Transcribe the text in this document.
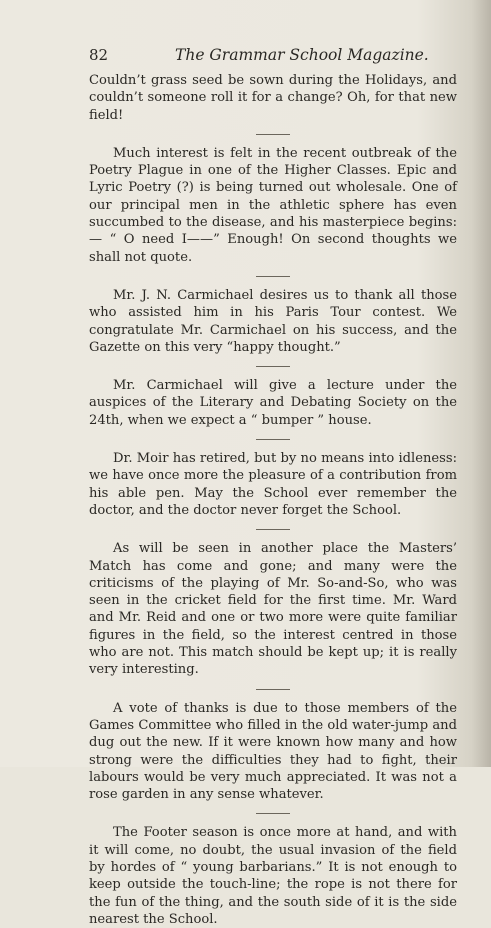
82	The Grammar School Magazine.

Couldn’t grass seed be sown during the Holidays, and couldn’t someone roll it for a change? Oh, for that new field!

Much interest is felt in the recent outbreak of the Poetry Plague in one of the Higher Classes. Epic and Lyric Poetry (?) is being turned out wholesale. One of our principal men in the athletic sphere has even succumbed to the disease, and his masterpiece begins:— “ O need I——” Enough! On second thoughts we shall not quote.

Mr. J. N. Carmichael desires us to thank all those who assisted him in his Paris Tour contest. We congratulate Mr. Carmichael on his success, and the Gazette on this very “happy thought.”

Mr. Carmichael will give a lecture under the auspices of the Literary and Debating Society on the 24th, when we expect a “ bumper ” house.

Dr. Moir has retired, but by no means into idleness: we have once more the pleasure of a contribution from his able pen. May the School ever remember the doctor, and the doctor never forget the School.

As will be seen in another place the Masters’ Match has come and gone; and many were the criticisms of the playing of Mr. So-and-So, who was seen in the cricket field for the first time. Mr. Ward and Mr. Reid and one or two more were quite familiar figures in the field, so the interest centred in those who are not. This match should be kept up; it is really very interesting.

A vote of thanks is due to those members of the Games Committee who filled in the old water-jump and dug out the new. If it were known how many and how strong were the difficulties they had to fight, their labours would be very much appreciated. It was not a rose garden in any sense whatever.

The Footer season is once more at hand, and with it will come, no doubt, the usual invasion of the field by hordes of “ young barbarians.” It is not enough to keep outside the touch-line; the rope is not there for the fun of the thing, and the south side of it is the side nearest the School.
